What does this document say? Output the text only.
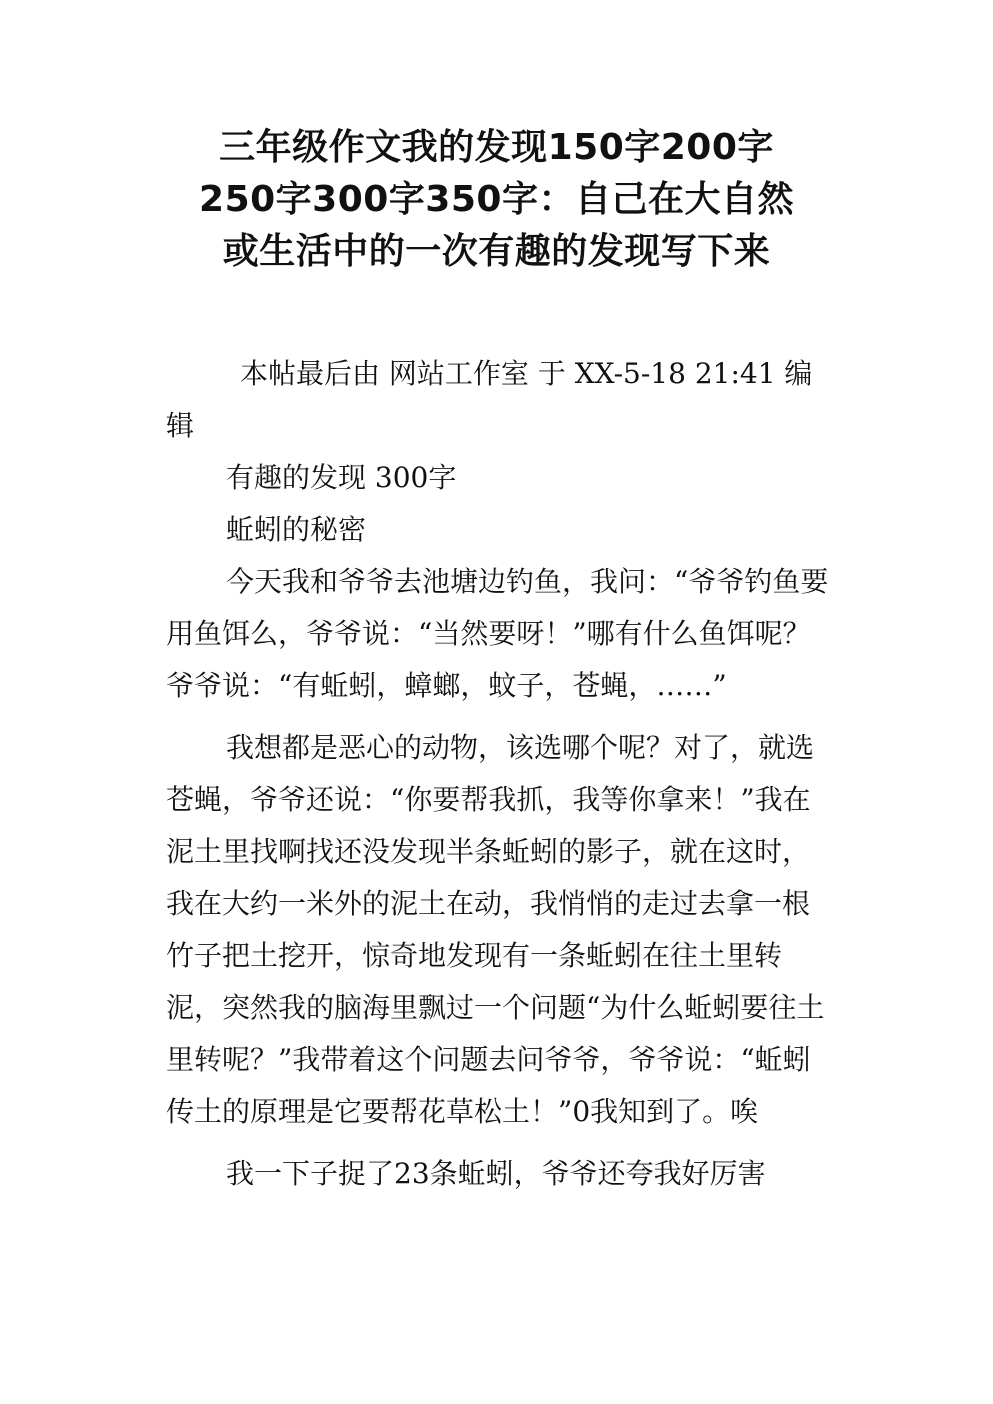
三年级作文我的发现150字200字
250字300字350字：自己在大自然
或生活中的一次有趣的发现写下来

本帖最后由 网站工作室 于 XX-5-18 21:41 编辑

有趣的发现 300字

蚯蚓的秘密

今天我和爷爷去池塘边钓鱼，我问：“爷爷钓鱼要用鱼饵么，爷爷说：“当然要呀！”哪有什么鱼饵呢？爷爷说：“有蚯蚓，蟑螂，蚊子，苍蝇，……”

我想都是恶心的动物，该选哪个呢？对了，就选苍蝇，爷爷还说：“你要帮我抓，我等你拿来！”我在泥土里找啊找还没发现半条蚯蚓的影子，就在这时，我在大约一米外的泥土在动，我悄悄的走过去拿一根竹子把土挖开，惊奇地发现有一条蚯蚓在往土里转泥，突然我的脑海里飘过一个问题“为什么蚯蚓要往土里转呢？”我带着这个问题去问爷爷，爷爷说：“蚯蚓传土的原理是它要帮花草松土！”0我知到了。唉

我一下子捉了23条蚯蚓，爷爷还夸我好厉害
